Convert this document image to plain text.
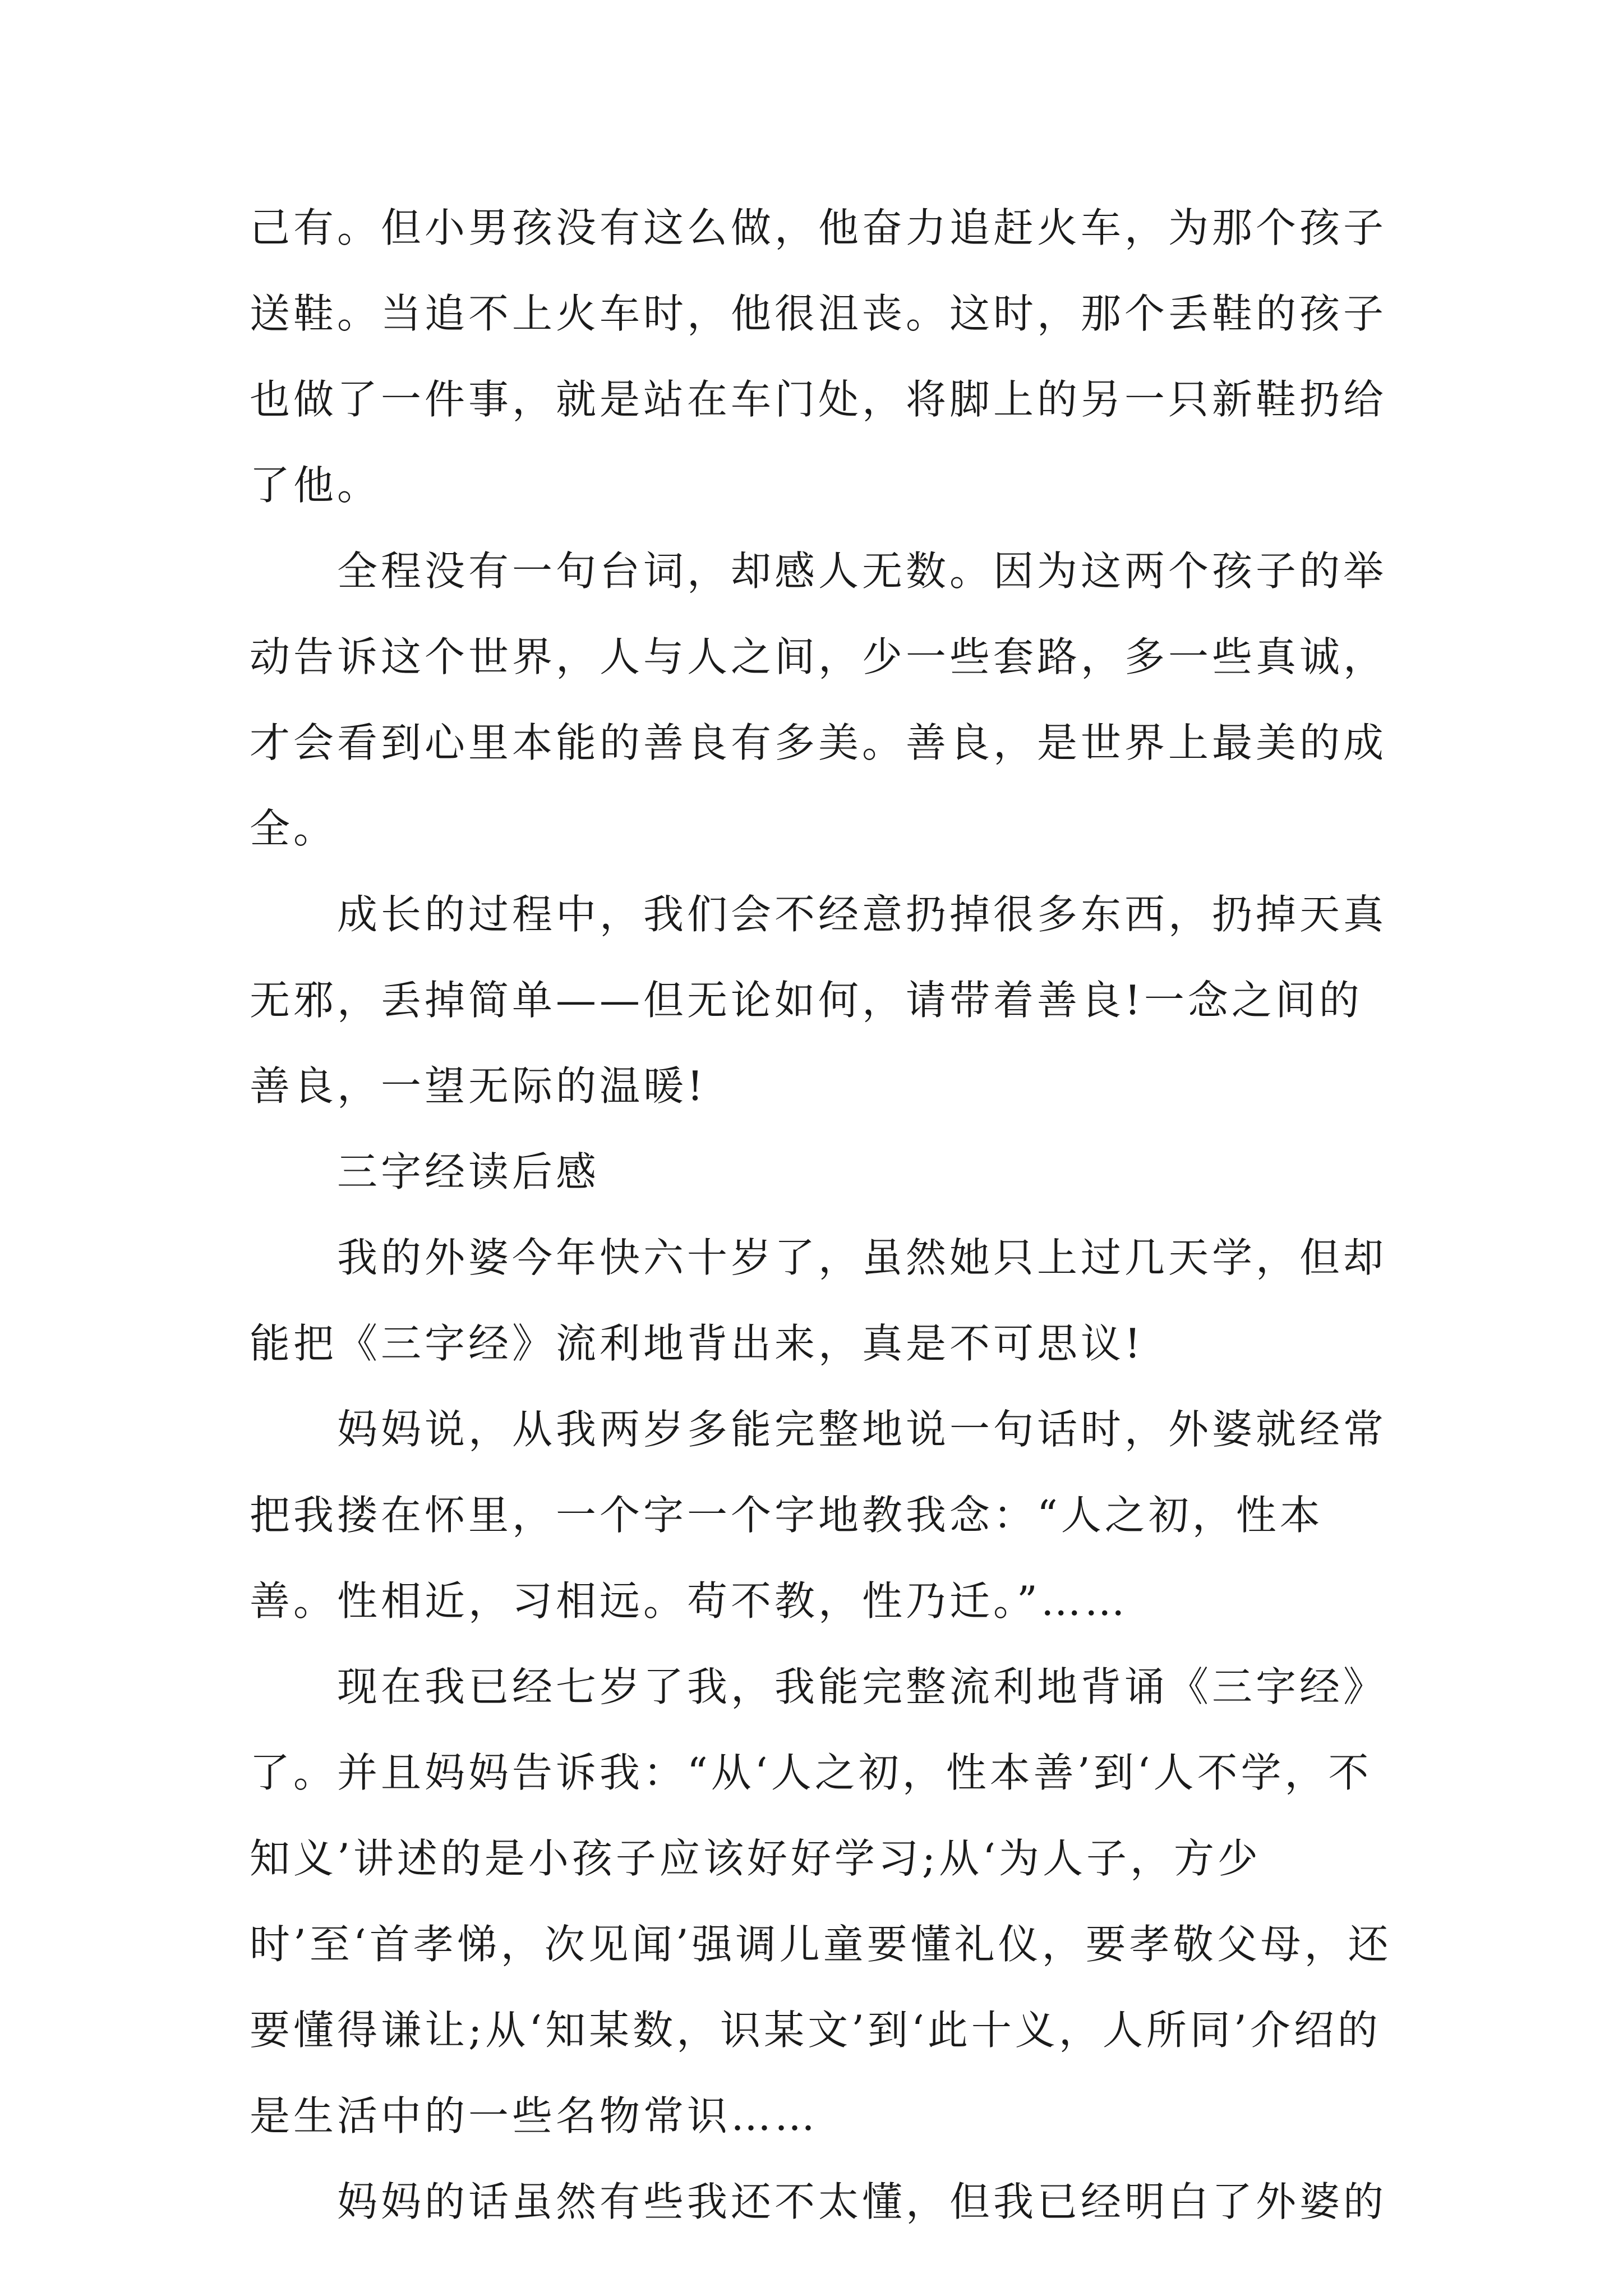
己有。但小男孩没有这么做，他奋力追赶火车，为那个孩子送鞋。当追不上火车时，他很沮丧。这时，那个丢鞋的孩子也做了一件事，就是站在车门处，将脚上的另一只新鞋扔给了他。

全程没有一句台词，却感人无数。因为这两个孩子的举动告诉这个世界，人与人之间，少一些套路，多一些真诚，才会看到心里本能的善良有多美。善良，是世界上最美的成全。

成长的过程中，我们会不经意扔掉很多东西，扔掉天真无邪，丢掉简单——但无论如何，请带着善良!一念之间的善良，一望无际的温暖!

三字经读后感

我的外婆今年快六十岁了，虽然她只上过几天学，但却能把《三字经》流利地背出来，真是不可思议!

妈妈说，从我两岁多能完整地说一句话时，外婆就经常把我搂在怀里，一个字一个字地教我念：“人之初，性本善。性相近，习相远。苟不教，性乃迁。”……

现在我已经七岁了我，我能完整流利地背诵《三字经》了。并且妈妈告诉我：“从‘人之初，性本善’到‘人不学，不知义’讲述的是小孩子应该好好学习;从‘为人子，方少时’至‘首孝悌，次见闻’强调儿童要懂礼仪，要孝敬父母，还要懂得谦让;从‘知某数，识某文’到‘此十义，人所同’介绍的是生活中的一些名物常识……

妈妈的话虽然有些我还不太懂，但我已经明白了外婆的
